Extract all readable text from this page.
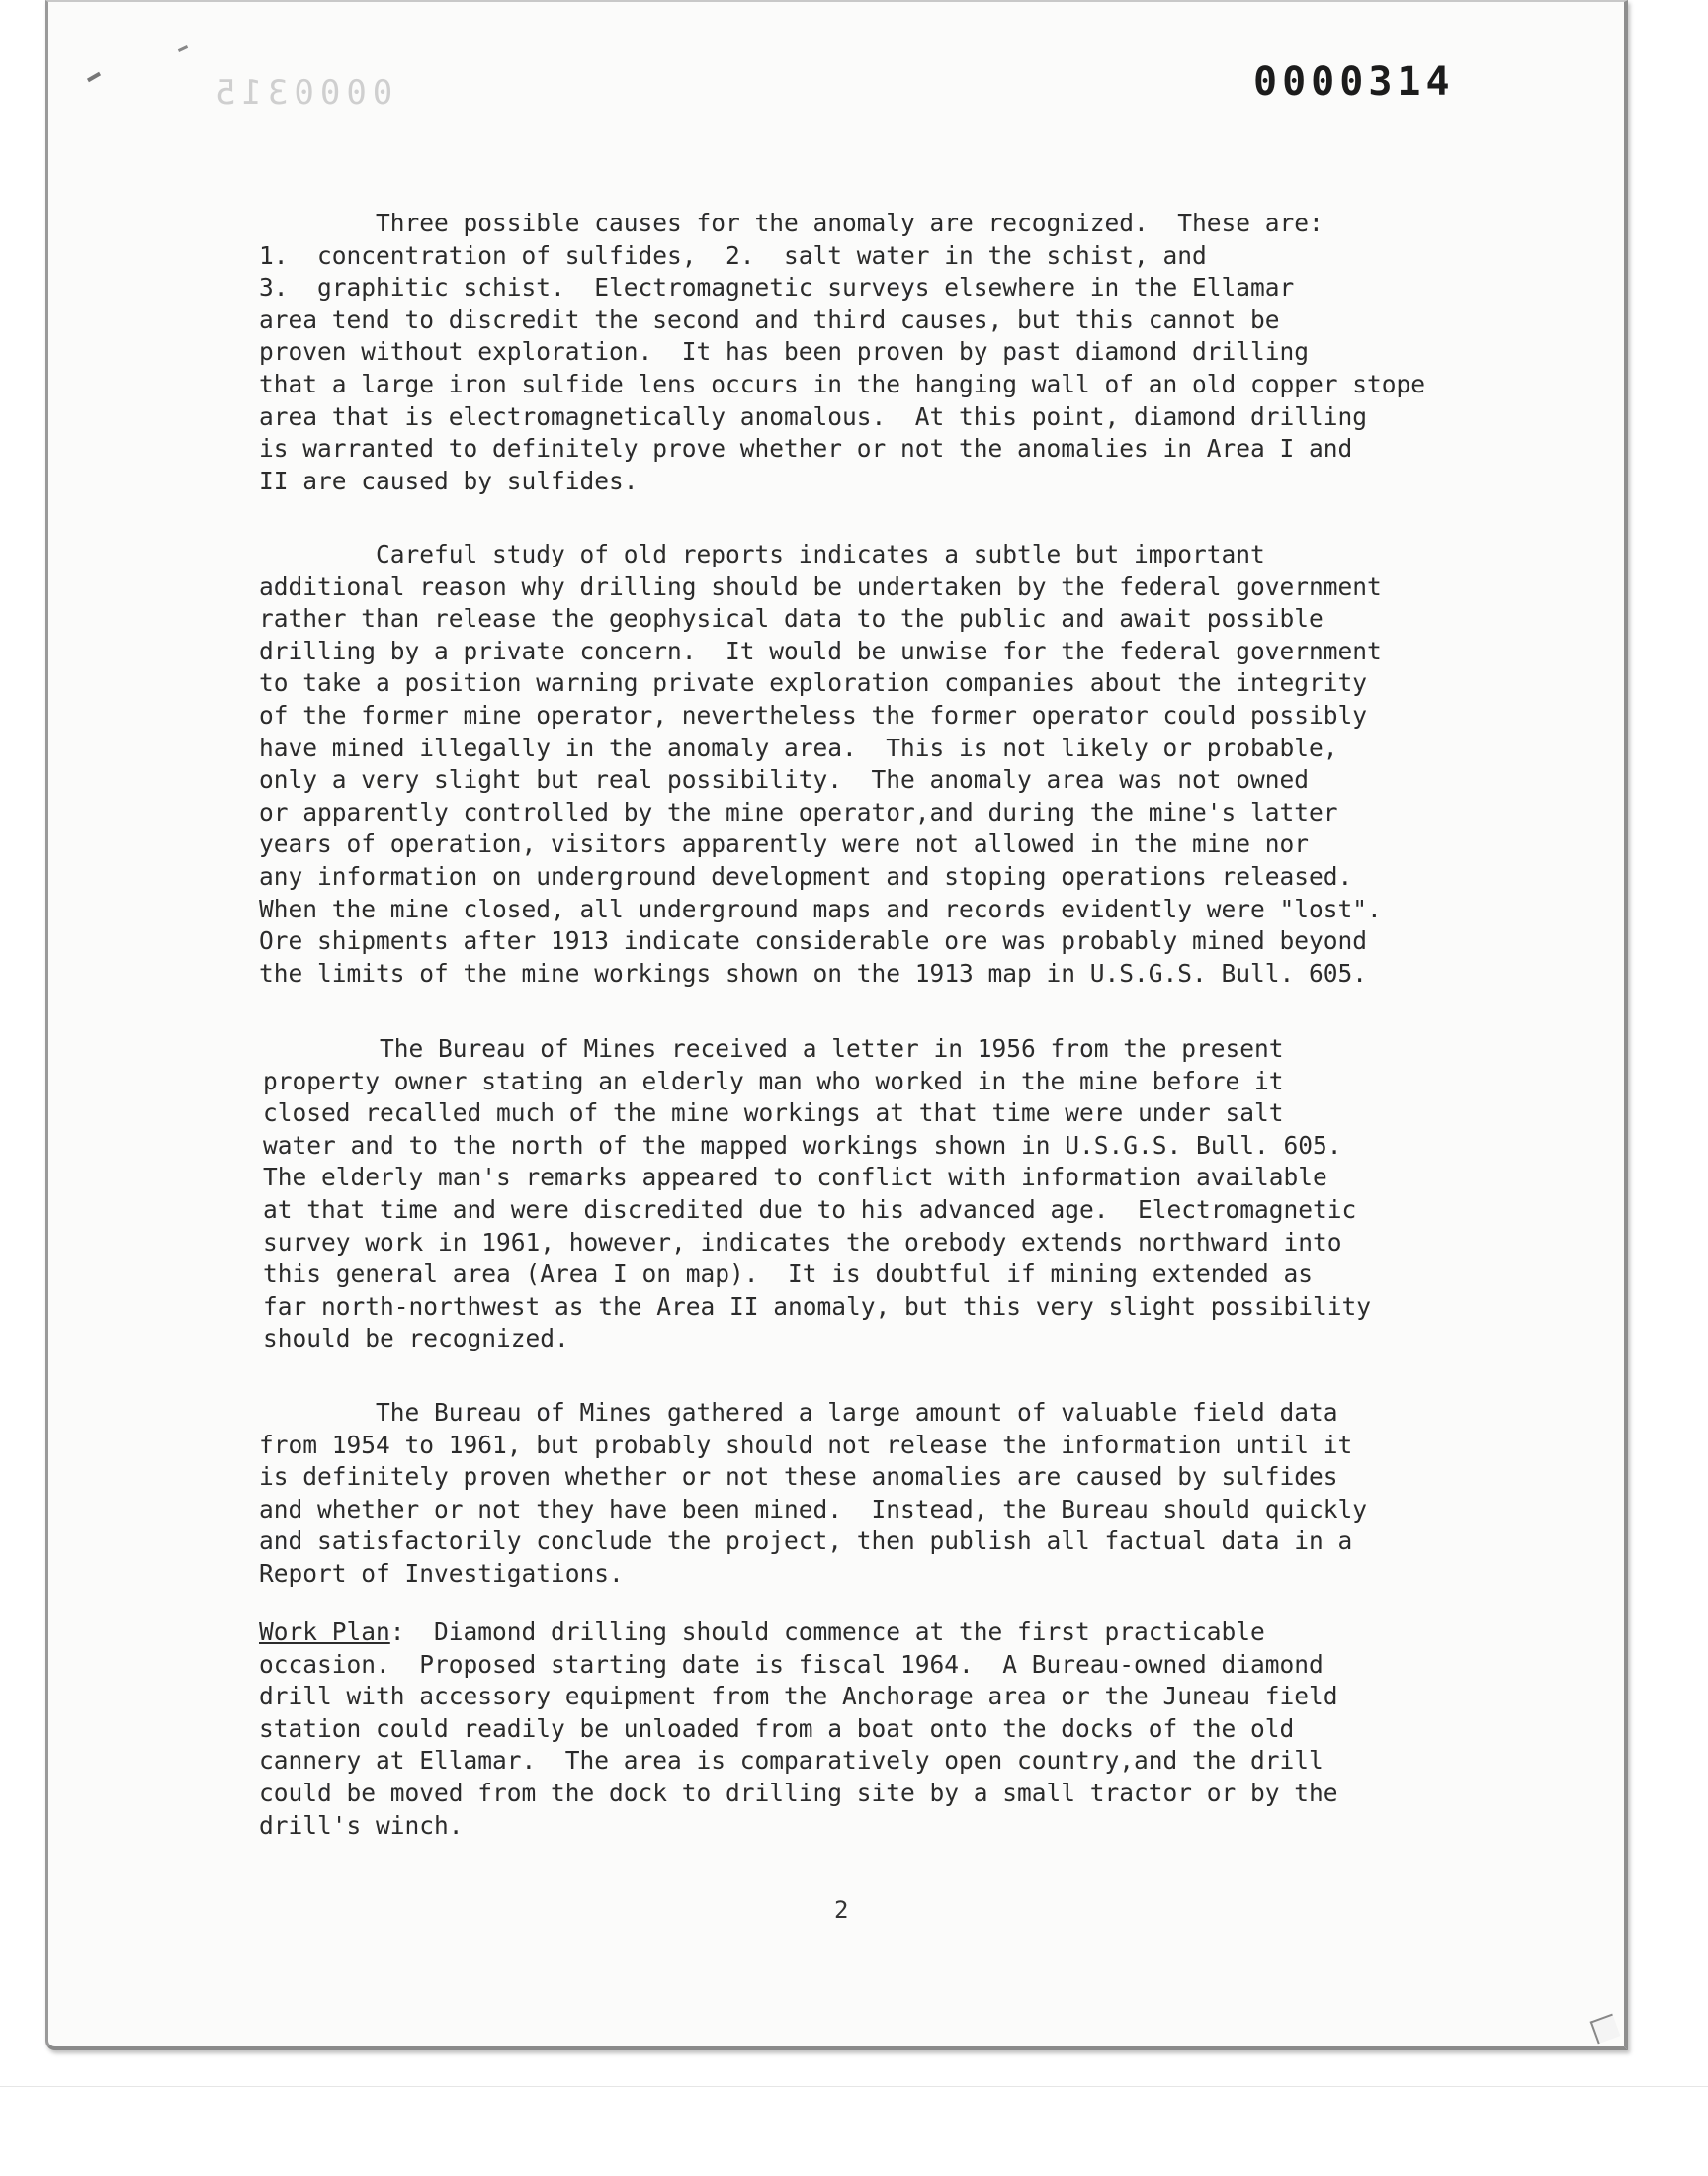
0000315	0000314

Three possible causes for the anomaly are recognized.  These are:
1.  concentration of sulfides,  2.  salt water in the schist, and
3.  graphitic schist.  Electromagnetic surveys elsewhere in the Ellamar
area tend to discredit the second and third causes, but this cannot be
proven without exploration.  It has been proven by past diamond drilling
that a large iron sulfide lens occurs in the hanging wall of an old copper stope
area that is electromagnetically anomalous.  At this point, diamond drilling
is warranted to definitely prove whether or not the anomalies in Area I and
II are caused by sulfides.

Careful study of old reports indicates a subtle but important
additional reason why drilling should be undertaken by the federal government
rather than release the geophysical data to the public and await possible
drilling by a private concern.  It would be unwise for the federal government
to take a position warning private exploration companies about the integrity
of the former mine operator, nevertheless the former operator could possibly
have mined illegally in the anomaly area.  This is not likely or probable,
only a very slight but real possibility.  The anomaly area was not owned
or apparently controlled by the mine operator,and during the mine's latter
years of operation, visitors apparently were not allowed in the mine nor
any information on underground development and stoping operations released.
When the mine closed, all underground maps and records evidently were "lost".
Ore shipments after 1913 indicate considerable ore was probably mined beyond
the limits of the mine workings shown on the 1913 map in U.S.G.S. Bull. 605.

The Bureau of Mines received a letter in 1956 from the present
property owner stating an elderly man who worked in the mine before it
closed recalled much of the mine workings at that time were under salt
water and to the north of the mapped workings shown in U.S.G.S. Bull. 605.
The elderly man's remarks appeared to conflict with information available
at that time and were discredited due to his advanced age.  Electromagnetic
survey work in 1961, however, indicates the orebody extends northward into
this general area (Area I on map).  It is doubtful if mining extended as
far north-northwest as the Area II anomaly, but this very slight possibility
should be recognized.

The Bureau of Mines gathered a large amount of valuable field data
from 1954 to 1961, but probably should not release the information until it
is definitely proven whether or not these anomalies are caused by sulfides
and whether or not they have been mined.  Instead, the Bureau should quickly
and satisfactorily conclude the project, then publish all factual data in a
Report of Investigations.

Work Plan:  Diamond drilling should commence at the first practicable
occasion.  Proposed starting date is fiscal 1964.  A Bureau-owned diamond
drill with accessory equipment from the Anchorage area or the Juneau field
station could readily be unloaded from a boat onto the docks of the old
cannery at Ellamar.  The area is comparatively open country,and the drill
could be moved from the dock to drilling site by a small tractor or by the
drill's winch.

2
